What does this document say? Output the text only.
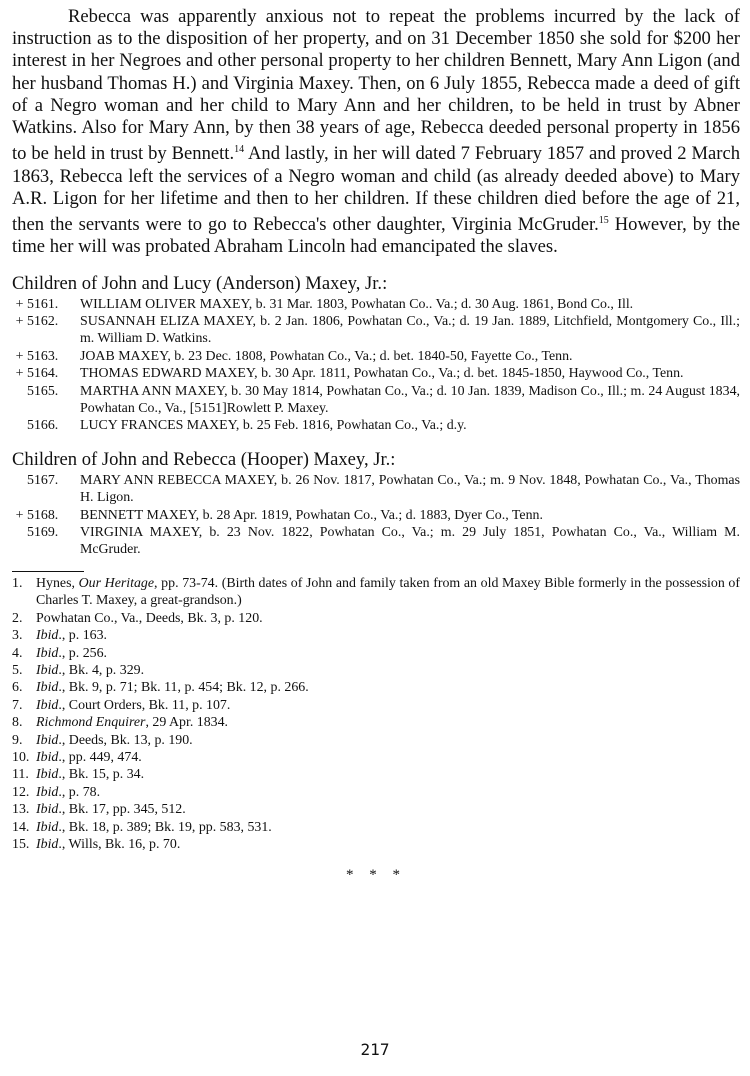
Rebecca was apparently anxious not to repeat the problems incurred by the lack of instruction as to the disposition of her property, and on 31 December 1850 she sold for $200 her interest in her Negroes and other personal property to her children Bennett, Mary Ann Ligon (and her husband Thomas H.) and Virginia Maxey. Then, on 6 July 1855, Rebecca made a deed of gift of a Negro woman and her child to Mary Ann and her children, to be held in trust by Abner Watkins. Also for Mary Ann, by then 38 years of age, Rebecca deeded personal property in 1856 to be held in trust by Bennett.$^{14}$ And lastly, in her will dated 7 February 1857 and proved 2 March 1863, Rebecca left the services of a Negro woman and child (as already deeded above) to Mary A.R. Ligon for her lifetime and then to her children. If these children died before the age of 21, then the servants were to go to Rebecca's other daughter, Virginia McGruder.$^{15}$ However, by the time her will was probated Abraham Lincoln had emancipated the slaves.

Children of John and Lucy (Anderson) Maxey, Jr.:

+ 5161. WILLIAM OLIVER MAXEY, b. 31 Mar. 1803, Powhatan Co.. Va.; d. 30 Aug. 1861, Bond Co., Ill.
+ 5162. SUSANNAH ELIZA MAXEY, b. 2 Jan. 1806, Powhatan Co., Va.; d. 19 Jan. 1889, Litchfield, Montgomery Co., Ill.; m. William D. Watkins.
+ 5163. JOAB MAXEY, b. 23 Dec. 1808, Powhatan Co., Va.; d. bet. 1840-50, Fayette Co., Tenn.
+ 5164. THOMAS EDWARD MAXEY, b. 30 Apr. 1811, Powhatan Co., Va.; d. bet. 1845-1850, Haywood Co., Tenn.
5165. MARTHA ANN MAXEY, b. 30 May 1814, Powhatan Co., Va.; d. 10 Jan. 1839, Madison Co., Ill.; m. 24 August 1834, Powhatan Co., Va., [5151]Rowlett P. Maxey.
5166. LUCY FRANCES MAXEY, b. 25 Feb. 1816, Powhatan Co., Va.; d.y.

Children of John and Rebecca (Hooper) Maxey, Jr.:

5167. MARY ANN REBECCA MAXEY, b. 26 Nov. 1817, Powhatan Co., Va.; m. 9 Nov. 1848, Powhatan Co., Va., Thomas H. Ligon.
+ 5168. BENNETT MAXEY, b. 28 Apr. 1819, Powhatan Co., Va.; d. 1883, Dyer Co., Tenn.
5169. VIRGINIA MAXEY, b. 23 Nov. 1822, Powhatan Co., Va.; m. 29 July 1851, Powhatan Co., Va., William M. McGruder.
1. Hynes, Our Heritage, pp. 73-74. (Birth dates of John and family taken from an old Maxey Bible formerly in the possession of Charles T. Maxey, a great-grandson.)
2. Powhatan Co., Va., Deeds, Bk. 3, p. 120.
3. Ibid., p. 163.
4. Ibid., p. 256.
5. Ibid., Bk. 4, p. 329.
6. Ibid., Bk. 9, p. 71; Bk. 11, p. 454; Bk. 12, p. 266.
7. Ibid., Court Orders, Bk. 11, p. 107.
8. Richmond Enquirer, 29 Apr. 1834.
9. Ibid., Deeds, Bk. 13, p. 190.
10. Ibid., pp. 449, 474.
11. Ibid., Bk. 15, p. 34.
12. Ibid., p. 78.
13. Ibid., Bk. 17, pp. 345, 512.
14. Ibid., Bk. 18, p. 389; Bk. 19, pp. 583, 531.
15. Ibid., Wills, Bk. 16, p. 70.
* * *
217
